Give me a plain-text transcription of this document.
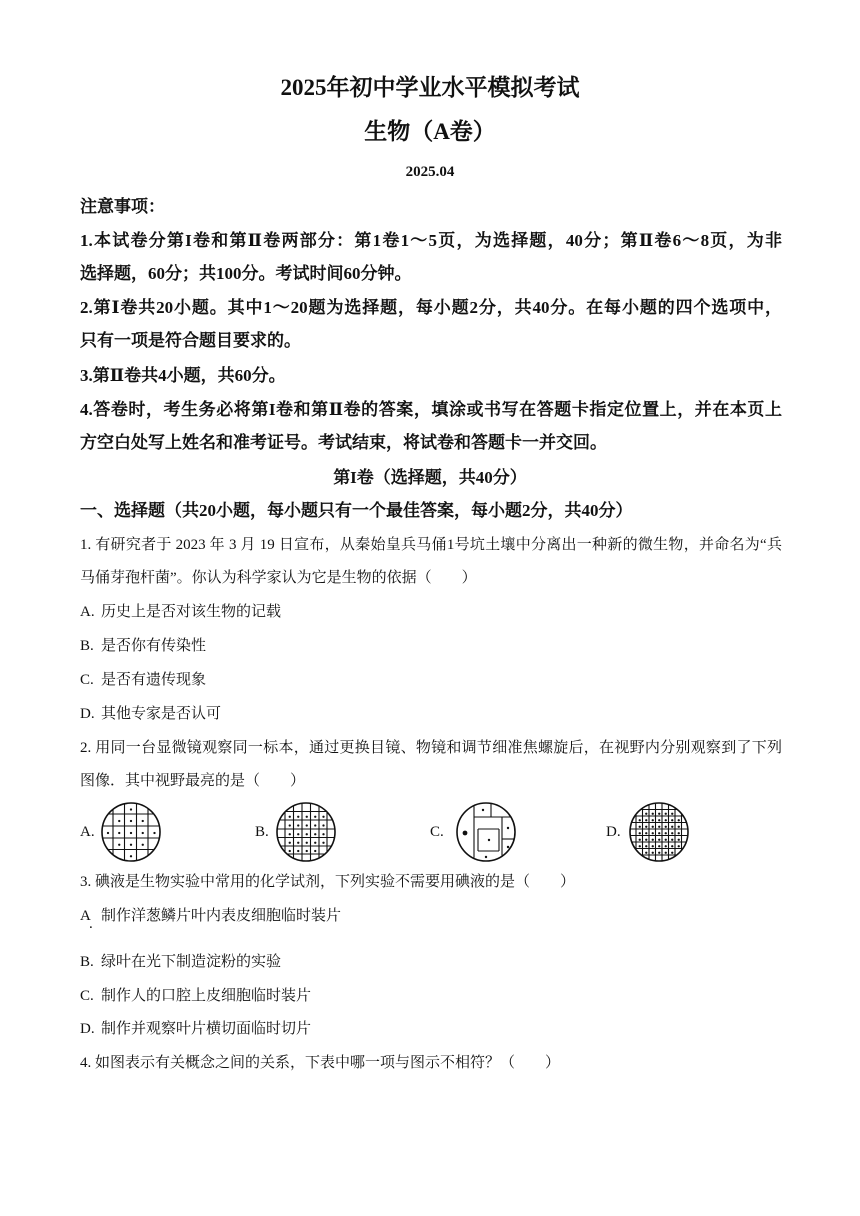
2025年初中学业水平模拟考试
生物（A卷）
2025.04
注意事项：
1.本试卷分第I卷和第Ⅱ卷两部分：第1卷1～5页，为选择题，40分；第Ⅱ卷6～8页，为非
选择题，60分；共100分。考试时间60分钟。
2.第Ⅰ卷共20小题。其中1～20题为选择题，每小题2分，共40分。在每小题的四个选项中，
只有一项是符合题目要求的。
3.第Ⅱ卷共4小题，共60分。
4.答卷时，考生务必将第I卷和第Ⅱ卷的答案，填涂或书写在答题卡指定位置上，并在本页上
方空白处写上姓名和准考证号。考试结束，将试卷和答题卡一并交回。
第I卷（选择题，共40分）
一、选择题（共20小题，每小题只有一个最佳答案，每小题2分，共40分）
1. 有研究者于 2023 年 3 月 19 日宣布，从秦始皇兵马俑1号坑土壤中分离出一种新的微生物，并命名为“兵
马俑芽孢杆菌”。你认为科学家认为它是生物的依据（　　）
A. 历史上是否对该生物的记载
B. 是否你有传染性
C. 是否有遗传现象
D. 其他专家是否认可
2. 用同一台显微镜观察同一标本，通过更换目镜、物镜和调节细准焦螺旋后，在视野内分别观察到了下列
图像．其中视野最亮的是（　　）
A.	B.	C.	D.
3. 碘液是生物实验中常用的化学试剂，下列实验不需要用碘液的是（　　）
A 制作洋葱鳞片叶内表皮细胞临时装片
.
B. 绿叶在光下制造淀粉的实验
C. 制作人的口腔上皮细胞临时装片
D. 制作并观察叶片横切面临时切片
4. 如图表示有关概念之间的关系，下表中哪一项与图示不相符？（　　）
